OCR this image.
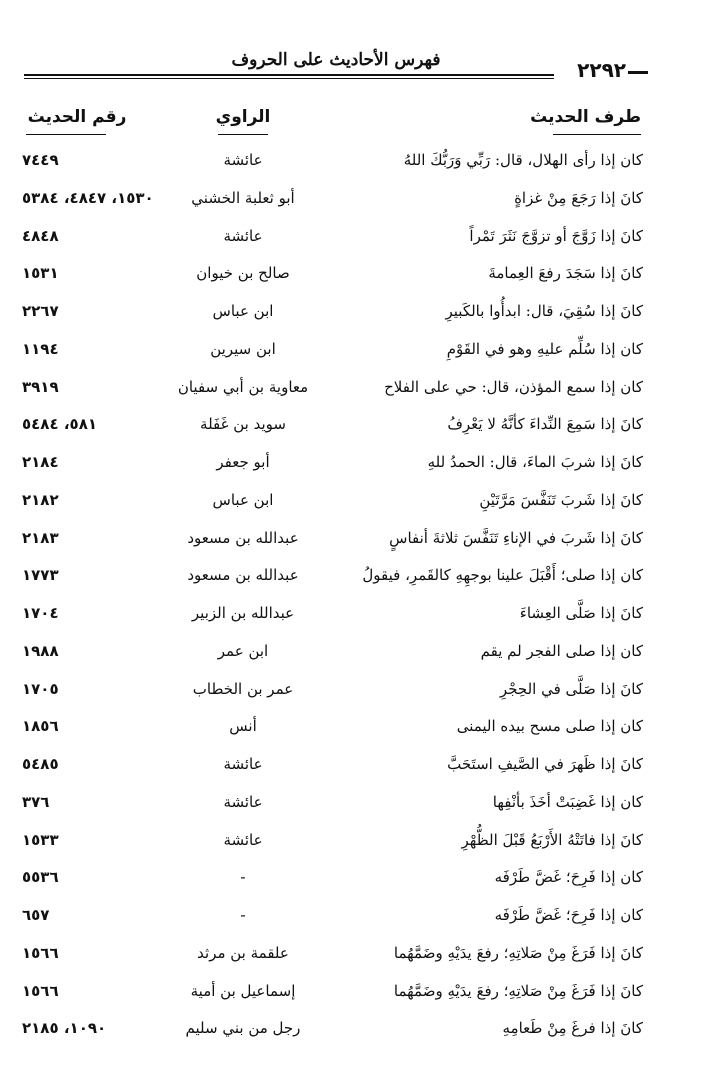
فهرس الأحاديث على الحروف	٢٢٩٢
طرف الحديث
الراوي
رقم الحديث
كان إذا رأى الهلال، قال: رَبِّي وَرَبُّكَ اللهُ
عائشة
٧٤٤٩
كانَ إذا رَجَعَ مِنْ غزاةٍ
أبو ثعلبة الخشني
١٥٣٠، ٤٨٤٧، ٥٣٨٤
كانَ إذا زَوَّجَ أو تزوَّجَ نَثَرَ تَمْراً
عائشة
٤٨٤٨
كانَ إذا سَجَدَ رفعَ العِمامةَ
صالح بن خيوان
١٥٣١
كانَ إذا سُقِيَ، قال: ابدأُوا بالكَبيرِ
ابن عباس
٢٢٦٧
كان إذا سُلِّم عليهِ وهو في القَوْمِ
ابن سيرين
١١٩٤
كان إذا سمع المؤذن، قال: حي على الفلاح
معاوية بن أبي سفيان
٣٩١٩
كانَ إذا سَمِعَ النِّداءَ كأنَّهُ لا يَعْرِفُ
سويد بن غَفَلة
٥٨١، ٥٤٨٤
كانَ إذا شربَ الماءَ، قال: الحمدُ للهِ
أبو جعفر
٢١٨٤
كانَ إذا شَربَ تَنَفَّسَ مَرَّتَيْنِ
ابن عباس
٢١٨٢
كانَ إذا شَربَ في الإناءِ تَنَفَّسَ ثلاثةَ أنفاسٍ
عبدالله بن مسعود
٢١٨٣
كان إذا صلى؛ أَقْبَلَ علينا بوجهِهِ كالقَمرِ، فيقولُ
عبدالله بن مسعود
١٧٧٣
كانَ إذا صَلَّى العِشاءَ
عبدالله بن الزبير
١٧٠٤
كان إذا صلى الفجر لم يقم
ابن عمر
١٩٨٨
كانَ إذا صَلَّى في الحِجْرِ
عمر بن الخطاب
١٧٠٥
كان إذا صلى مسح بيده اليمنى
أنس
١٨٥٦
كانَ إذا ظَهرَ في الصَّيفِ استَحَبَّ
عائشة
٥٤٨٥
كان إذا غَضِبَتْ أخَذَ بأنْفِها
عائشة
٣٧٦
كانَ إذا فاتَتْهُ الأَرْبَعُ قَبْلَ الظُّهْرِ
عائشة
١٥٣٣
كان إذا فَرِحَ؛ غَضَّ طَرْفَه
-
٥٥٣٦
كان إذا فَرِحَ؛ غَضَّ طَرْفَه
-
٦٥٧
كانَ إذا فَرَغَ مِنْ صَلاتِهِ؛ رفعَ يدَيْهِ وضَمَّهُما
علقمة بن مرثد
١٥٦٦
كانَ إذا فَرَغَ مِنْ صَلاتِهِ؛ رفعَ يدَيْهِ وضَمَّهُما
إسماعيل بن أمية
١٥٦٦
كانَ إذا فرغَ مِنْ طَعامِهِ
رجل من بني سليم
١٠٩٠، ٢١٨٥
